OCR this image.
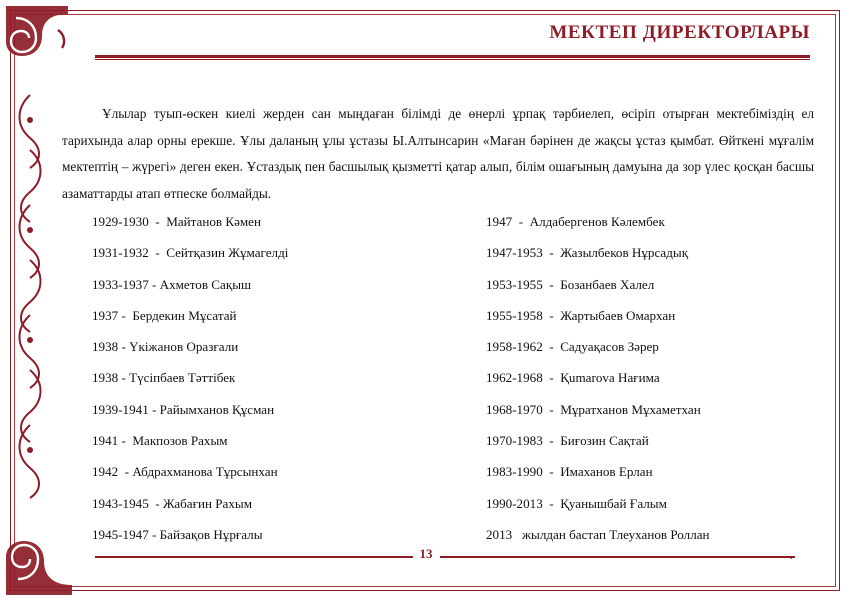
МЕКТЕП ДИРЕКТОРЛАРЫ

Ұлылар туып-өскен киелі жерден сан мыңдаған білімді де өнерлі ұрпақ тәрбиелеп, өсіріп отырған мектебіміздің ел тарихында алар орны ерекше. Ұлы даланың ұлы ұстазы Ы.Алтынсарин «Маған бәрінен де жақсы ұстаз қымбат. Өйткені мұғалім мектептің – жүрегі» деген екен. Ұстаздық пен басшылық қызметті қатар алып, білім ошағының дамуына да зор үлес қосқан басшы азаматтарды атап өтпеске болмайды.

1929-1930  -  Майтанов Кәмен
1931-1932  -  Сейтқазин Жұмагелді
1933-1937 - Ахметов Сақыш
1937 -  Бердекин Мұсатай
1938 - Үкіжанов Оразғали
1938 - Түсіпбаев Тәттібек
1939-1941 - Райымханов Құсман
1941 -  Макпозов Рахым
1942  - Абдрахманова Тұрсынхан
1943-1945  - Жабағин Рахым
1945-1947 - Байзақов Нұрғалы
1947  -  Алдабергенов Кәлембек
1947-1953  -  Жазылбеков Нұрсадық
1953-1955  -  Бозанбаев Халел
1955-1958  -  Жартыбаев Омархан
1958-1962  -  Садуақасов Зәрер
1962-1968  -  Қumarova Нағима
1968-1970  -  Мұратханов Мұхаметхан
1970-1983  -  Биғозин Сақтай
1983-1990  -  Имаханов Ерлан
1990-2013  -  Қуанышбай Ғалым
2013   жылдан бастап Тлеуханов Роллан
13	.
